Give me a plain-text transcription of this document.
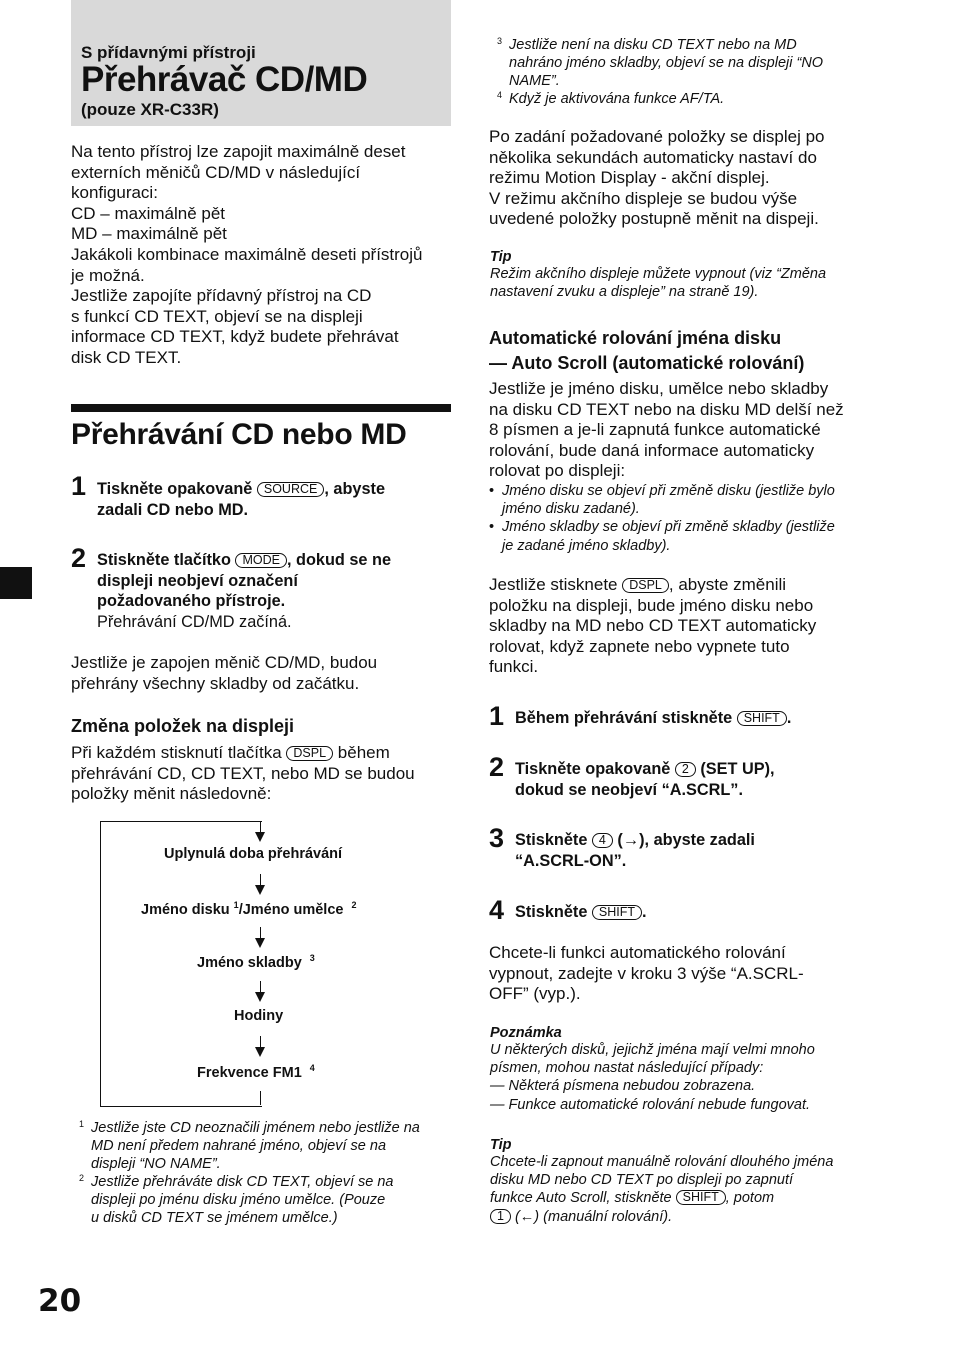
S přídavnými přístroji
Přehrávač CD/MD
(pouze XR-C33R)
Na tento přístroj lze zapojit maximálně deset
externích měničů CD/MD v následující
konfiguraci:
CD – maximálně pět
MD – maximálně pět
Jakákoli kombinace maximálně deseti přístrojů
je možná.
Jestliže zapojíte přídavný přístroj na CD
s funkcí CD TEXT, objeví se na displeji
informace CD TEXT, když budete přehrávat
disk CD TEXT.
Přehrávání CD nebo MD
1 Tiskněte opakovaně SOURCE , abyste
zadali CD nebo MD.
2 Stiskněte tlačítko MODE , dokud se ne
displeji neobjeví označení
požadovaného přístroje.
Přehrávání CD/MD začíná.
Jestliže je zapojen měnič CD/MD, budou
přehrány všechny skladby od začátku.
Změna položek na displeji
Při každém stisknutí tlačítka DSPL během
přehrávání CD, CD TEXT, nebo MD se budou
položky měnit následovně:
Uplynulá doba přehrávání
Jméno disku $^1$/Jméno umělce $^2$
Jméno skladby $^3$
Hodiny
Frekvence FM1 $^4$
1 Jestliže jste CD neoznačili jménem nebo jestliže na
MD není předem nahrané jméno, objeví se na
displeji “NO NAME”.
2 Jestliže přehráváte disk CD TEXT, objeví se na
displeji po jménu disku jméno umělce. (Pouze
u disků CD TEXT se jménem umělce.)
20
3 Jestliže není na disku CD TEXT nebo na MD
nahráno jméno skladby, objeví se na displeji “NO
NAME”.
4 Když je aktivována funkce AF/TA.
Po zadání požadované položky se displej po
několika sekundách automaticky nastaví do
režimu Motion Display - akční displej.
V režimu akčního displeje se budou výše
uvedené položky postupně měnit na dispeji.
Tip
Režim akčního displeje můžete vypnout (viz “Změna
nastavení zvuku a displeje” na straně 19).
Automatické rolování jména disku
— Auto Scroll (automatické rolování)
Jestliže je jméno disku, umělce nebo skladby
na disku CD TEXT nebo na disku MD delší než
8 písmen a je-li zapnutá funkce automatické
rolování, bude daná informace automaticky
rolovat po displeji:
• Jméno disku se objeví při změně disku (jestliže bylo
jméno disku zadané).
• Jméno skladby se objeví při změně skladby (jestliže
je zadané jméno skladby).
Jestliže stisknete DSPL , abyste změnili
položku na displeji, bude jméno disku nebo
skladby na MD nebo CD TEXT automaticky
rolovat, když zapnete nebo vypnete tuto
funkci.
1 Během přehrávání stiskněte SHIFT .
2 Tiskněte opakovaně 2 (SET UP),
dokud se neobjeví “A.SCRL”.
3 Stiskněte 4 (→), abyste zadali
“A.SCRL-ON”.
4 Stiskněte SHIFT .
Chcete-li funkci automatického rolování
vypnout, zadejte v kroku 3 výše “A.SCRL-
OFF” (vyp.).
Poznámka
U některých disků, jejichž jména mají velmi mnoho
písmen, mohou nastat následující případy:
— Některá písmena nebudou zobrazena.
— Funkce automatické rolování nebude fungovat.
Tip
Chcete-li zapnout manuálně rolování dlouhého jména
disku MD nebo CD TEXT po displeji po zapnutí
funkce Auto Scroll, stiskněte SHIFT , potom
1 (←) (manuální rolování).
